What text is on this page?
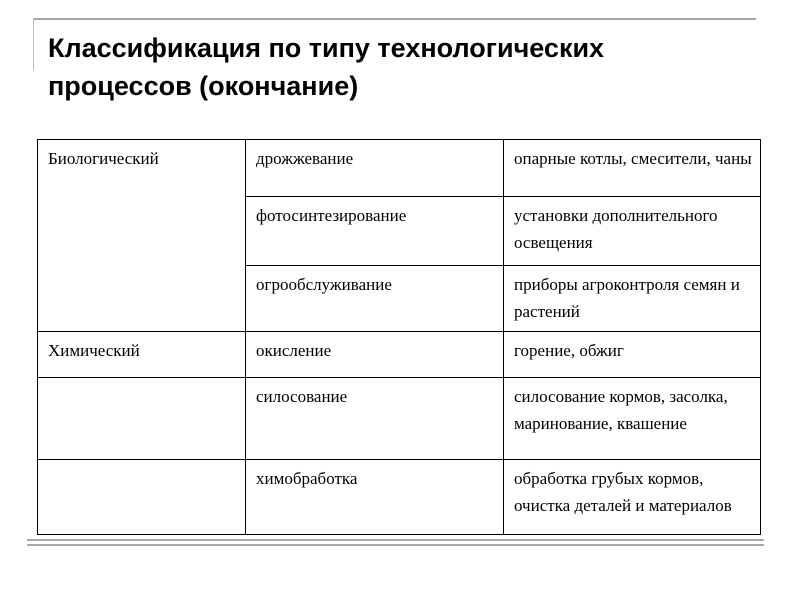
Классификация по типу технологических
процессов (окончание)
Биологический	дрожжевание	опарные котлы, смесители, чаны
	фотосинтезирование	установки дополнительного освещения
	огрообслуживание	приборы агроконтроля семян и растений
Химический	окисление	горение, обжиг
	силосование	силосование кормов, засолка, маринование, квашение
	химобработка	обработка грубых кормов, очистка деталей и материалов
